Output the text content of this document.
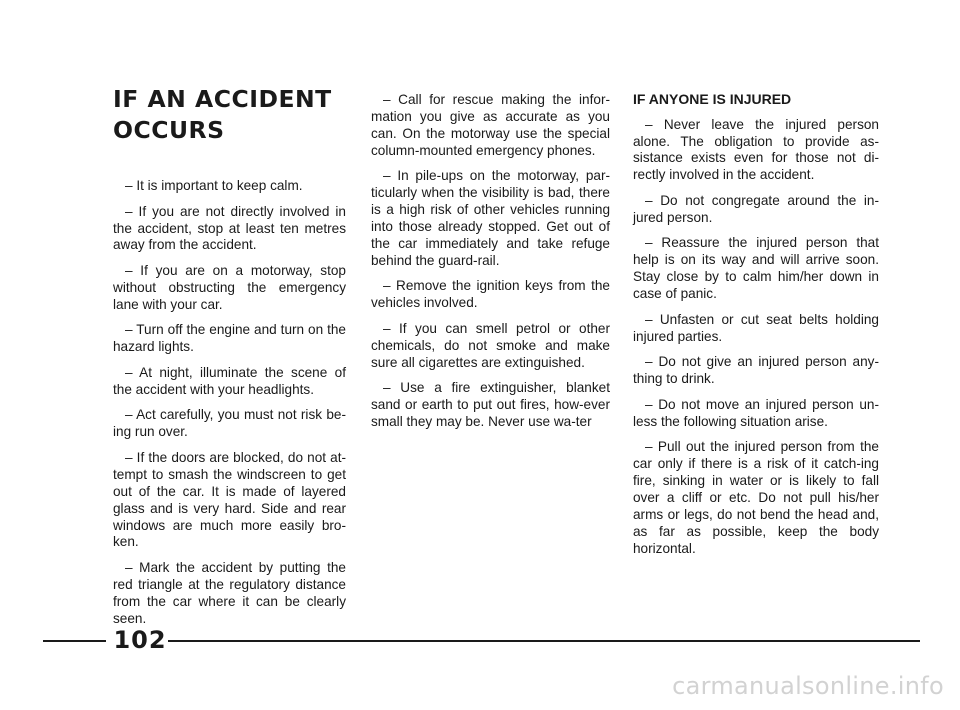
IF AN ACCIDENT
OCCURS

– It is important to keep calm.

– If you are not directly involved in the accident, stop at least ten metres away from the accident.

– If you are on a motorway, stop without obstructing the emergency lane with your car.

– Turn off the engine and turn on the hazard lights.

– At night, illuminate the scene of the accident with your headlights.

– Act carefully, you must not risk be-ing run over.

– If the doors are blocked, do not at-tempt to smash the windscreen to get out of the car. It is made of layered glass and is very hard. Side and rear windows are much more easily bro-ken.

– Mark the accident by putting the red triangle at the regulatory distance from the car where it can be clearly seen.

– Call for rescue making the infor-mation you give as accurate as you can. On the motorway use the special column-mounted emergency phones.

– In pile-ups on the motorway, par-ticularly when the visibility is bad, there is a high risk of other vehicles running into those already stopped. Get out of the car immediately and take refuge behind the guard-rail.

– Remove the ignition keys from the vehicles involved.

– If you can smell petrol or other chemicals, do not smoke and make sure all cigarettes are extinguished.

– Use a fire extinguisher, blanket sand or earth to put out fires, how-ever small they may be. Never use wa-ter

IF ANYONE IS INJURED

– Never leave the injured person alone. The obligation to provide as-sistance exists even for those not di-rectly involved in the accident.

– Do not congregate around the in-jured person.

– Reassure the injured person that help is on its way and will arrive soon. Stay close by to calm him/her down in case of panic.

– Unfasten or cut seat belts holding injured parties.

– Do not give an injured person any-thing to drink.

– Do not move an injured person un-less the following situation arise.

– Pull out the injured person from the car only if there is a risk of it catch-ing fire, sinking in water or is likely to fall over a cliff or etc. Do not pull his/her arms or legs, do not bend the head and, as far as possible, keep the body horizontal.

102
carmanualsonline.info
